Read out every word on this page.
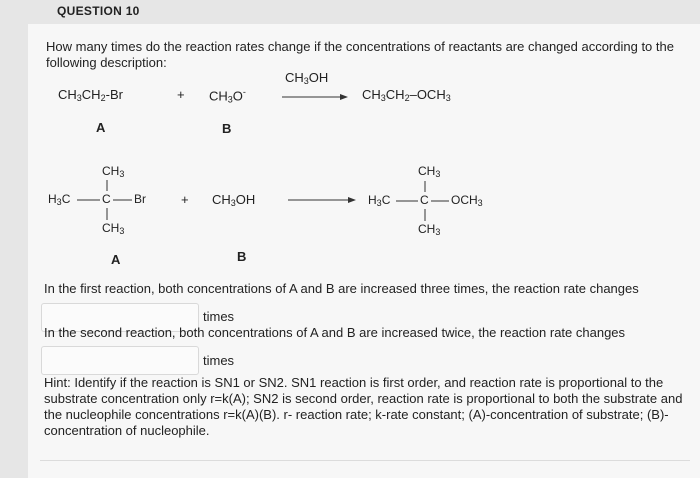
QUESTION 10
How many times do the reaction rates change if the concentrations of reactants are changed according to the following description:
$CH_3CH_2-Br$	+ $CH_3O^-$
$CH_3OH$
$CH_3CH_2-OCH_3$
A	B
$CH_3$
$H_3C$	C Br
$CH_3$
A
+ $CH_3OH$
B
$CH_3$
$H_3C$ C $OCH_3$
$CH_3$
In the first reaction, both concentrations of A and B are increased three times, the reaction rate changes
times
In the second reaction, both concentrations of A and B are increased twice, the reaction rate changes
times
Hint: Identify if the reaction is SN1 or SN2. SN1 reaction is first order, and reaction rate is proportional to the substrate concentration only r=k(A); SN2 is second order, reaction rate is proportional to both the substrate and the nucleophile concentrations r=k(A)(B). r- reaction rate; k-rate constant; (A)-concentration of substrate; (B)-concentration of nucleophile.
